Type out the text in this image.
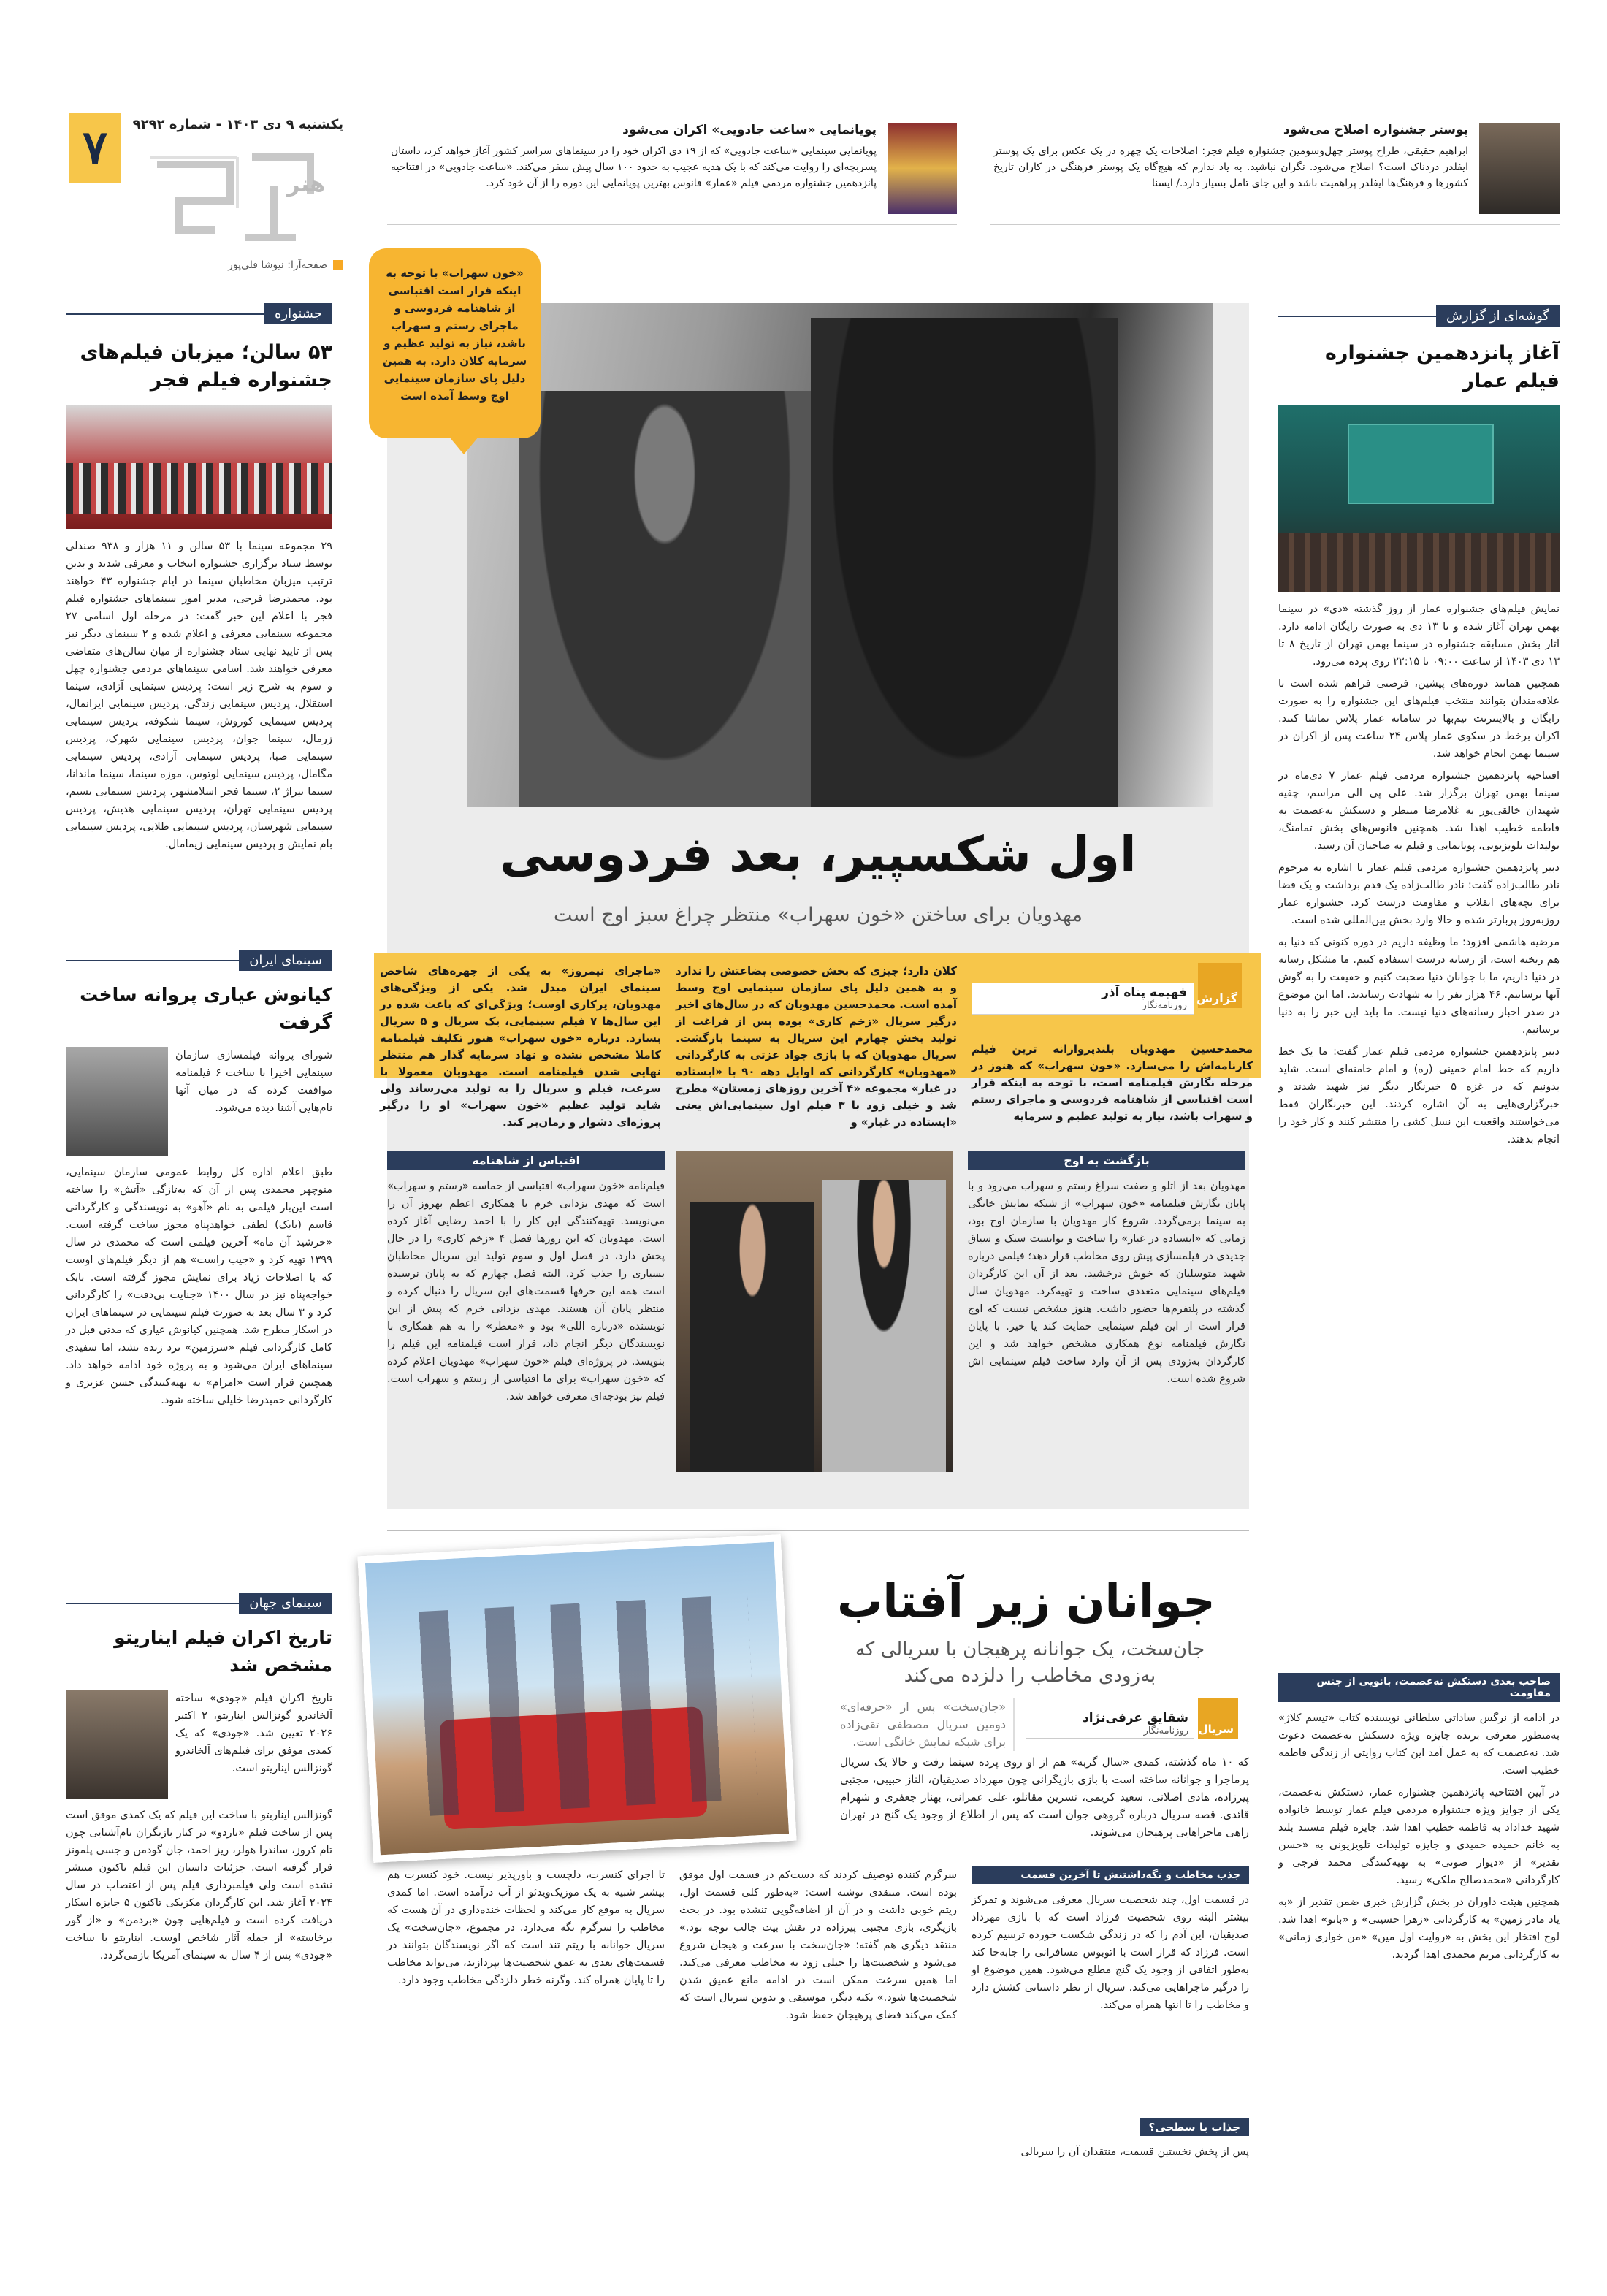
۷	یکشنبه ۹ دی ۱۴۰۳ - شماره ۹۲۹۲
هنر
صفحه‌آرا: نیوشا قلی‌پور
پوستر جشنواره اصلاح می‌شود
ابراهیم حقیقی، طراح پوستر چهل‌وسومین جشنواره فیلم فجر: اصلاحات یک چهره در یک عکس برای یک پوستر ایفلدر درد‌ناک است؟ اصلاح می‌شود. نگران نباشید. به یاد ندارم که هیچ‌گاه یک پوستر فرهنگی در کاران تاریخ کشورها و فرهنگ‌ها ایفلدر پراهمیت باشد و این جای تامل بسیار دارد./ ایسنا
پویانمایی «ساعت جادویی» اکران می‌شود
پویانمایی سینمایی «ساعت جادویی» که از ۱۹ دی اکران خود را در سینماهای سراسر کشور آغاز خواهد کرد، داستان پسربچه‌ای را روایت می‌کند که با یک هدیه عجیب به حدود ۱۰۰ سال پیش سفر می‌کند. «ساعت جادویی» در افتتاحیه پانزدهمین جشنواره مردمی فیلم «عمار» قانوس بهترین پویانمایی این دوره را از آن خود کرد.
گوشه‌ای از گزارش
آغاز پانزدهمین جشنواره فیلم عمار

نمایش فیلم‌های جشنواره عمار از روز گذشته «دی» در سینما بهمن تهران آغاز شده و تا ۱۳ دی به صورت رایگان ادامه دارد. آثار بخش مسابقه جشنواره در سینما بهمن تهران از تاریخ ۸ تا ۱۳ دی ۱۴۰۳ از ساعت ۰۹:۰۰ تا ۲۲:۱۵ روی پرده می‌رود.

همچنین همانند دوره‌های پیشین، فرصتی فراهم شده است تا علاقه‌مندان بتوانند منتخب فیلم‌های این جشنواره را به صورت رایگان و بالاینترنت نیم‌بها در سامانه عمار پلاس تماشا کنند. اکران برخط در سکوی عمار پلاس ۲۴ ساعت پس از اکران در سینما بهمن انجام خواهد شد.

افتتاحیه پانزدهمین جشنواره مردمی فیلم عمار ۷ دی‌ماه در سینما بهمن تهران برگزار شد. علی پی الی مراسم، چفیه شهیدان خالقی‌پور به غلامرضا منتظر و دستکش نه‌عصمت به فاطمه خطیب اهدا شد. همچنین قانوس‌های بخش تمامنگ، تولیدات تلویزیونی، پویانمایی و فیلم به صاحبان آن رسید.

دبیر پانزدهمین جشنواره مردمی فیلم عمار با اشاره به مرحوم نادر طالب‌زاده گفت: نادر طالب‌زاده یک قدم برداشت و یک فضا برای بچه‌های انقلاب و مقاومت درست کرد. جشنواره عمار روزبه‌روز پربارتر شده و حالا وارد بخش بین‌المللی شده است.

مرضیه هاشمی افزود: ما وظیفه داریم در دوره کنونی که دنیا به هم ریخته است، از رسانه درست استفاده کنیم. ما مشکل رسانه در دنیا داریم، ما با جوانان دنیا صحبت کنیم و حقیقت را به گوش آنها برسانیم. ۴۶ هزار نفر را به شهادت رساندند. اما این موضوع در صدر اخبار رسانه‌های دنیا نیست. ما باید این خبر را به دنیا برسانیم.

دبیر پانزدهمین جشنواره مردمی فیلم عمار گفت: ما یک خط داریم که خط امام خمینی (ره) و امام خامنه‌ای است. شاید بدونیم که در غزه ۵ خبرنگار دیگر نیز شهید شدند و خبرگزاری‌هایی به آن اشاره کردند. این خبرنگاران فقط می‌خواستند واقعیت این نسل کشی را منتشر کنند و کار خود را انجام بدهند.

صاحب بعدی دستکش نه‌عصمت، بانویی از جنس مقاومت

در ادامه از نرگس ساداتی سلطانی نویسنده کتاب «تیسم کلاژ» به‌منظور معرفی برنده جایزه ویژه دستکش نه‌عصمت دعوت شد. نه‌عصمت که به عمل آمد این کتاب روایتی از زندگی فاطمه خطیب است.

در آیین افتتاحیه پانزدهمین جشنواره عمار، دستکش نه‌عصمت، یکی از جوایز ویژه جشنواره مردمی فیلم عمار توسط خانواده شهید خداداد به فاطمه خطیب اهدا شد. جایزه فیلم مستند بلند به خانم حمیده حمیدی و جایزه تولیدات تلویزیونی به «حسن تقدیر» از «دیوار صوتی» به تهیه‌کنندگی محمد فرجی و کارگردانی «محمدصالح ملکی» رسید.

همچنین هیئت داوران در بخش گزارش خبری ضمن تقدیر از «به یاد مادر زمین» به کارگردانی «زهرا حسینی» و «بانو» اهدا شد. لوح افتخار این بخش به «روایت اول مین» «من خواری زمانی» به کارگردانی مریم محمدی اهدا گردید.

«خون سهراب» با توجه به اینکه قرار است اقتباسی از شاهنامه فردوسی و ماجرای رستم و سهراب باشد، نیاز به تولید عظیم و سرمایه کلان دارد. به همین دلیل پای سازمان سینمایی اوج وسط آمده است
اول شکسپیر، بعد فردوسی
مهدویان برای ساختن «خون سهراب» منتظر چراغ سبز اوج است
گزارش
فهیمه پناه آذر
روزنامه‌نگار
محمدحسین مهدویان بلند‌پروازانه ترین فیلم کارنامه‌اش را می‌سازد. «خون سهراب» که هنوز در مرحله نگارش فیلمنامه است، با توجه به اینکه قرار است اقتباسی از شاهنامه فردوسی و ماجرای رستم و سهراب باشد، نیاز به تولید عظیم و سرمایه
کلان دارد؛ چیزی که بخش خصوصی بضاعتش را ندارد و به همین دلیل پای سازمان سینمایی اوج وسط آمده است. محمدحسین مهدویان که در سال‌های اخیر درگیر سریال «زخم کاری» بوده پس از فراغت از تولید بخش چهارم این سریال به سینما بازگشت. سریال مهدویان که با بازی جواد عزتی به کارگردانی «مهدویان» کارگردانی که اوایل دهه ۹۰ با «ایستاده در غبار» مجموعه «۴ آخرین روزهای زمستان» مطرح شد و خیلی زود با ۳ فیلم اول سینمایی‌اش یعنی «ایستاده در غبار» و
«ماجرای نیمروز» به یکی از چهره‌های شاخص سینمای ایران مبدل شد. یکی از ویژگی‌های مهدویان، پرکاری اوست؛ ویژگی‌ای که باعث شده در این سال‌ها ۷ فیلم سینمایی، یک سریال و ۵ سریال بسازد. درباره «خون سهراب» هنوز تکلیف فیلمنامه کاملا مشخص نشده و نهاد سرمایه گذار هم منتظر نهایی شدن فیلمنامه است. مهدویان معمولا با سرعت، فیلم و سریال را به تولید می‌رساند ولی شاید تولید عظیم «خون سهراب» او را درگیر پروژه‌ای دشوار و زمان‌بر کند.
بازگشت به اوج
مهدویان بعد از اثلو و صفت سراغ رستم و سهراب می‌رود و با پایان نگارش فیلمنامه «خون سهراب» از شبکه نمایش خانگی به سینما برمی‌گردد. شروع کار مهدویان با سازمان اوج بود، زمانی که «ایستاده در غبار» را ساخت و توانست سبک و سیاق جدیدی در فیلمسازی پیش روی مخاطب قرار دهد؛ فیلمی درباره شهید متوسلیان که خوش درخشید. بعد از آن این کارگردان فیلم‌های سینمایی متعددی ساخت و تهیه‌کرد. مهدویان سال گذشته در پلتفرم‌ها حضور داشت. هنوز مشخص نیست که اوج قرار است از این فیلم سینمایی حمایت کند یا خیر. با پایان نگارش فیلمنامه نوع همکاری مشخص خواهد شد و این کارگردان به‌زودی پس از آن وارد ساخت فیلم سینمایی اش شروع شده است.
اقتباس از شاهنامه
فیلم‌نامه «خون سهراب» اقتباسی از حماسه «رستم و سهراب» است که مهدی یزدانی خرم با همکاری اعظم بهروز آن را می‌نویسد. تهیه‌کنندگی این کار را با احمد رضایی آغاز کرده است. مهدویان که این روزها فصل ۴ «زخم کاری» را در حال پخش دارد، در فصل اول و سوم تولید این سریال مخاطبان بسیاری را جذب کرد. البته فصل چهارم که به پایان نرسیده است همه این حرفها قسمت‌های این سریال را دنبال کرده و منتظر پایان آن هستند. مهدی یزدانی خرم که پیش از این نویسنده «درباره اللی» بود و «معطر» را به هم همکاری با نویسندگان دیگر انجام داد، قرار است فیلمنامه این فیلم را بنویسد. در پروژه‌ای فیلم «خون سهراب» مهدویان اعلام کرده که «خون سهراب» برای ما اقتباسی از رستم و سهراب است. فیلم نیز بودجه‌ای معرفی خواهد شد.
جشنواره
۵۳ سالن؛ میزبان فیلم‌های جشنواره فیلم فجر
۲۹ مجموعه سینما با ۵۳ سالن و ۱۱ هزار و ۹۳۸ صندلی توسط ستاد برگزاری جشنواره انتخاب و معرفی شدند و بدین ترتیب میزبان مخاطبان سینما در ایام جشنواره ۴۳ خواهند بود. محمدرضا فرجی، مدیر امور سینماهای جشنواره فیلم فجر با اعلام این خبر گفت: در مرحله اول اسامی ۲۷ مجموعه سینمایی معرفی و اعلام شده و ۲ سینمای دیگر نیز پس از تایید نهایی ستاد جشنواره از میان سالن‌های متقاضی معرفی خواهند شد. اسامی سینماهای مردمی جشنواره چهل و سوم به شرح زیر است: پردیس سینمایی آزادی، سینما استقلال، پردیس سینمایی زندگی، پردیس سینمایی ایرانمال، پردیس سینمایی کوروش، سینما شکوفه، پردیس سینمایی زرمال، سینما جوان، پردیس سینمایی شهرک، پردیس سینمایی صبا، پردیس سینمایی آزادی، پردیس سینمایی مگامال، پردیس سینمایی لوتوس، موزه سینما، سینما ماندانا، سینما تیراژ ۲، سینما فجر اسلامشهر، پردیس سینمایی نسیم، پردیس سینمایی تهران، پردیس سینمایی هدیش، پردیس سینمایی شهرستان، پردیس سینمایی طلایی، پردیس سینمایی بام نمایش و پردیس سینمایی زیمامال.
سینمای ایران
کیانوش عیاری پروانه ساخت گرفت
شورای پروانه فیلمسازی سازمان سینمایی اخیرا با ساخت ۶ فیلمنامه موافقت کرده که در میان آنها نام‌هایی آشنا دیده می‌شود.
طبق اعلام اداره کل روابط عمومی سازمان سینمایی، منوچهر محمدی پس از آن که به‌تازگی «آتش» را ساخته است این‌بار فیلمی به نام «آهو» به نویسندگی و کارگردانی قاسم (بابک) لطفی خواهد‌پناه مجوز ساخت گرفته است. «خرشید آن ماه» آخرین فیلمی است که محمدی در سال ۱۳۹۹ تهیه کرد و «جیب راست» هم از دیگر فیلم‌های اوست که با اصلاحات زیاد برای نمایش مجوز گرفته است. بابک خواجه‌پناه نیز در سال ۱۴۰۰ «جنایت بی‌دقت» را کارگردانی کرد و ۳ سال بعد به صورت فیلم سینمایی در سینماهای ایران در اسکار مطرح شد. همچنین کیانوش عیاری که مدتی قبل در کامل کارگردانی فیلم «سرزمین» ترد زنده نشد، اما سفیدی سینماهای ایران می‌شود و به پروژه خود ادامه خواهد داد. همچنین قرار است «امرام» به تهیه‌کنندگی حسن عزیزی و کارگردانی حمیدرضا خلیلی ساخته شود.
سینمای جهان
تاریخ اکران فیلم ایناریتو مشخص شد
تاریخ اکران فیلم «جودی» ساخته آلخاندرو گونزالس ایناریتو، ۲ اکتبر ۲۰۲۶ تعیین شد. «جودی» که یک کمدی موفق برای فیلم‌های آلخاندرو گونزالس ایناریتو است.
گونزالس ایناریتو با ساخت این فیلم که یک کمدی موفق است پس از ساخت فیلم «باردو» در کنار بازیگران نام‌آشنایی چون تام کروز، ساندرا هولر، ریز احمد، جان گودمن و جسی پلمونز قرار گرفته است. جزئیات داستان این فیلم تاکنون منتشر نشده است ولی فیلمبرداری فیلم پس از اعتصاب در سال ۲۰۲۴ آغاز شد. این کارگردان مکزیکی تاکنون ۵ جایزه اسکار دریافت کرده است و فیلم‌هایی چون «بردمن» و «از گور برخاسته» از جمله آثار شاخص اوست. ایناریتو با ساخت «جودی» پس از ۴ سال به سینمای آمریکا بازمی‌گردد.
جوانان زیر آفتاب
جان‌سخت، یک جوانانه پرهیجان با سریالی که به‌زودی مخاطب را دلزده می‌کند
سریال
شقایق عرفی‌نژاد
روزنامه‌نگار
«جان‌سخت» پس از «حرفه‌ای» دومین سریال مصطفی تقی‌زاده برای شبکه نمایش خانگی است.
که ۱۰ ماه گذشته، کمدی «سال گربه» هم از او روی پرده سینما رفت و حالا یک سریال پرماجرا و جوانانه ساخته است با بازی بازیگرانی چون مهرداد صدیقیان، الناز حبیبی، مجتبی پیرزاده، هادی اصلانی، سعید کریمی، نسرین مقانلو، علی عمرانی، بهناز جعفری و شهرام قائدی. قصه سریال درباره گروهی جوان است که پس از اطلاع از وجود یک گنج در تهران راهی ماجراهایی پرهیجان می‌شوند.
جذب مخاطب و نگه‌داشتنش تا آخرین قسمت
در قسمت اول، چند شخصیت سریال معرفی می‌شوند و تمرکز بیشتر البته روی شخصیت فرزاد است که با بازی مهرداد صدیقیان، این آدم را که در زندگی شکست خورده ترسیم کرده است. فرزاد که قرار است با اتوبوس مسافرانی را جابه‌جا کند به‌طور اتفاقی از وجود یک گنج مطلع می‌شود. همین موضوع او را درگیر ماجراهایی می‌کند. سریال از نظر داستانی کشش دارد و مخاطب را تا انتها همراه می‌کند.
جذاب یا سطحی؟
پس از پخش نخستین قسمت، منتقدان آن را سریالی
سرگرم کننده توصیف کردند که دست‌کم در قسمت اول موفق بوده است. منتقدی نوشته است: «به‌طور کلی قسمت اول، ریتم خوبی داشت و در آن از اضافه‌گویی تنشده بود. در بحث بازیگری، بازی مجتبی پیرزاده در نقش بیت جالب توجه بود.» منتقد دیگری هم گفته: «جان‌سخت با سرعت و هیجان شروع می‌شود و شخصیت‌ها را خیلی زود به مخاطب معرفی می‌کند. اما همین سرعت ممکن است در ادامه مانع عمیق شدن شخصیت‌ها شود.» نکته دیگر، موسیقی و تدوین سریال است که کمک می‌کند فضای پرهیجان حفظ شود.
تا اجرای کنسرت، دلچسب و باورپذیر نیست. خود کنسرت هم بیشتر شبیه به یک موزیک‌ویدئو از آب درآمده است. اما کمدی سریال به موقع کار می‌کند و لحظات خنده‌داری در آن هست که مخاطب را سرگرم نگه می‌دارد. در مجموع، «جان‌سخت» یک سریال جوانانه با ریتم تند است که اگر نویسندگان بتوانند در قسمت‌های بعدی به عمق شخصیت‌ها بپردازند، می‌تواند مخاطب را تا پایان همراه کند. وگرنه خطر دلزدگی مخاطب وجود دارد.
